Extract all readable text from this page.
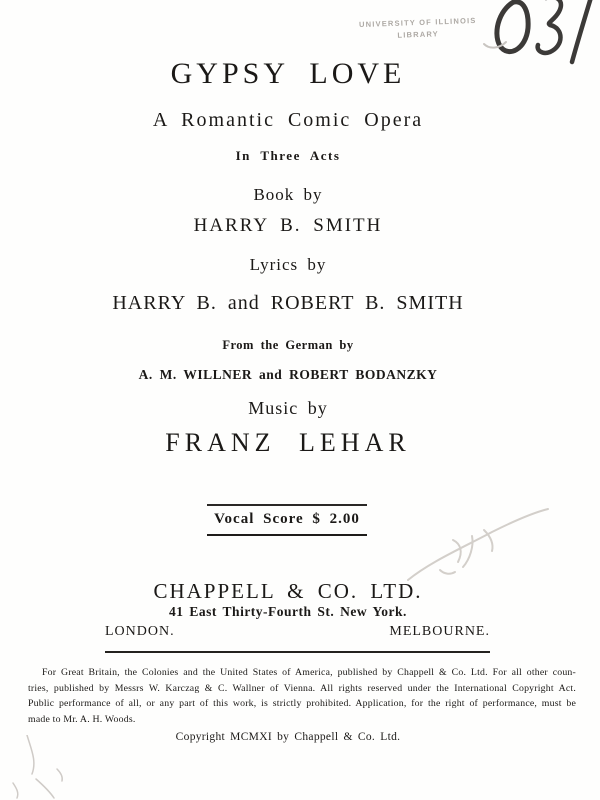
UNIVERSITY OF ILLINOIS
LIBRARY
GYPSY LOVE
A Romantic Comic Opera
In Three Acts
Book by
HARRY B. SMITH
Lyrics by
HARRY B. and ROBERT B. SMITH
From the German by
A. M. WILLNER and ROBERT BODANZKY
Music by
FRANZ LEHAR
Vocal Score $ 2.00
CHAPPELL & CO. LTD.
41 East Thirty-Fourth St. New York.
LONDON.	MELBOURNE.
For Great Britain, the Colonies and the United States of America, published by Chappell & Co. Ltd. For all other coun-
tries, published by Messrs W. Karczag & C. Wallner of Vienna. All rights reserved under the International Copyright Act.
Public performance of all, or any part of this work, is strictly prohibited. Application, for the right of performance, must be
made to Mr. A. H. Woods.
Copyright MCMXI by Chappell & Co. Ltd.
